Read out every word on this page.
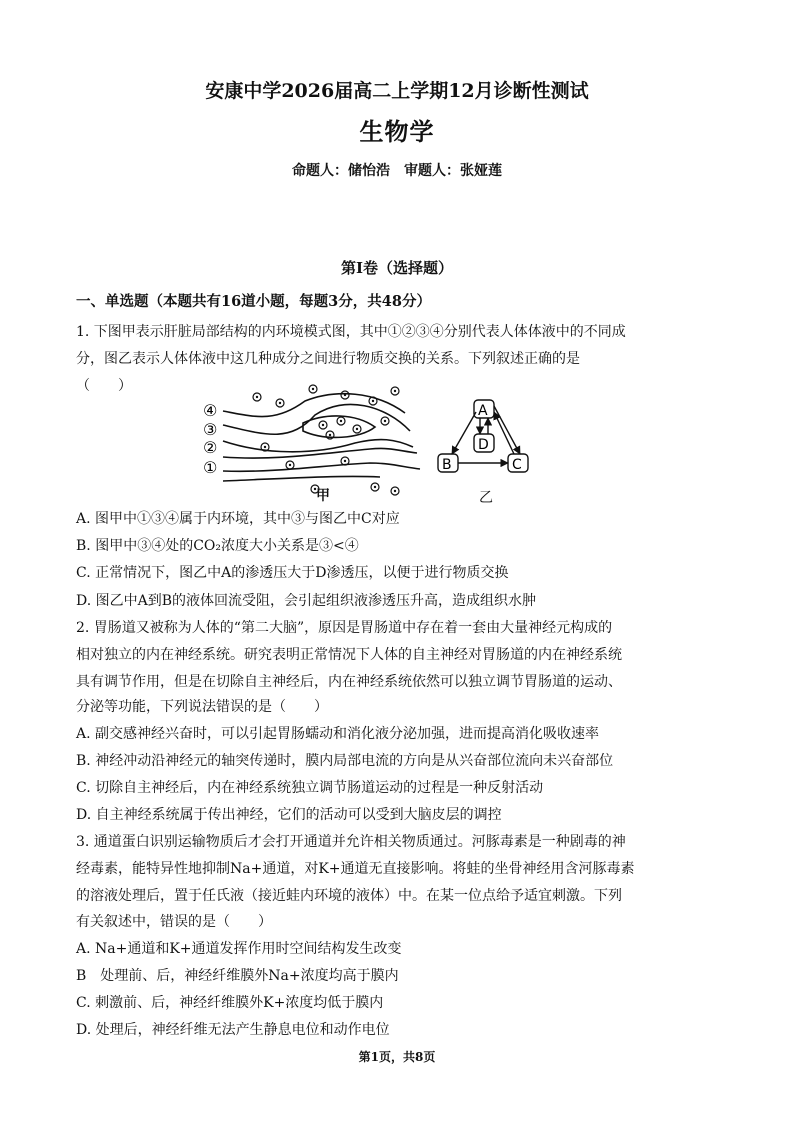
安康中学2026届高二上学期12月诊断性测试
生物学
命题人：储怡浩　审题人：张娅莲
第Ⅰ卷（选择题）
一、单选题（本题共有16道小题，每题3分，共48分）
1. 下图甲表示肝脏局部结构的内环境模式图，其中①②③④分别代表人体体液中的不同成
分，图乙表示人体体液中这几种成分之间进行物质交换的关系。下列叙述正确的是
（　　）
④
③
②
①
甲
A
D
B	C
乙
A. 图甲中①③④属于内环境，其中③与图乙中C对应
B. 图甲中③④处的CO₂浓度大小关系是③<④
C. 正常情况下，图乙中A的渗透压大于D渗透压，以便于进行物质交换
D. 图乙中A到B的液体回流受阻，会引起组织液渗透压升高，造成组织水肿
2. 胃肠道又被称为人体的“第二大脑”，原因是胃肠道中存在着一套由大量神经元构成的
相对独立的内在神经系统。研究表明正常情况下人体的自主神经对胃肠道的内在神经系统
具有调节作用，但是在切除自主神经后，内在神经系统依然可以独立调节胃肠道的运动、
分泌等功能，下列说法错误的是（　　）
A. 副交感神经兴奋时，可以引起胃肠蠕动和消化液分泌加强，进而提高消化吸收速率
B. 神经冲动沿神经元的轴突传递时，膜内局部电流的方向是从兴奋部位流向未兴奋部位
C. 切除自主神经后，内在神经系统独立调节肠道运动的过程是一种反射活动
D. 自主神经系统属于传出神经，它们的活动可以受到大脑皮层的调控
3. 通道蛋白识别运输物质后才会打开通道并允许相关物质通过。河豚毒素是一种剧毒的神
经毒素，能特异性地抑制Na+通道，对K+通道无直接影响。将蛙的坐骨神经用含河豚毒素
的溶液处理后，置于任氏液（接近蛙内环境的液体）中。在某一位点给予适宜刺激。下列
有关叙述中，错误的是（　　）
A. Na+通道和K+通道发挥作用时空间结构发生改变
B　处理前、后，神经纤维膜外Na+浓度均高于膜内
C. 刺激前、后，神经纤维膜外K+浓度均低于膜内
D. 处理后，神经纤维无法产生静息电位和动作电位
第1页，共8页
